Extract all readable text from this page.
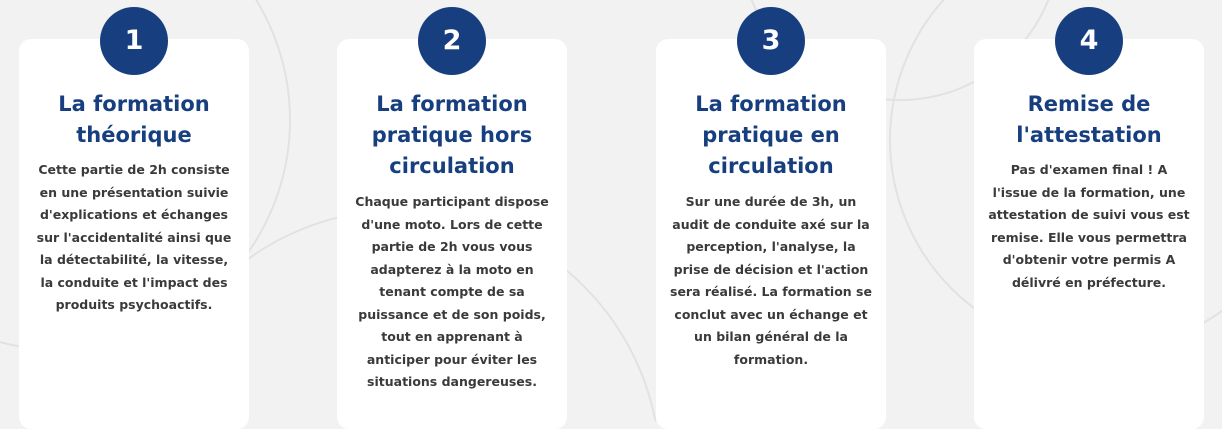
1
La formation théorique

Cette partie de 2h consiste en une présentation suivie d'explications et échanges sur l'accidentalité ainsi que la détectabilité, la vitesse, la conduite et l'impact des produits psychoactifs.

2
La formation pratique hors circulation

Chaque participant dispose d'une moto. Lors de cette partie de 2h vous vous adapterez à la moto en tenant compte de sa puissance et de son poids, tout en apprenant à anticiper pour éviter les situations dangereuses.

3
La formation pratique en circulation

Sur une durée de 3h, un audit de conduite axé sur la perception, l'analyse, la prise de décision et l'action sera réalisé. La formation se conclut avec un échange et un bilan général de la formation.

4
Remise de l'attestation

Pas d'examen final ! A l'issue de la formation, une attestation de suivi vous est remise. Elle vous permettra d'obtenir votre permis A délivré en préfecture.
